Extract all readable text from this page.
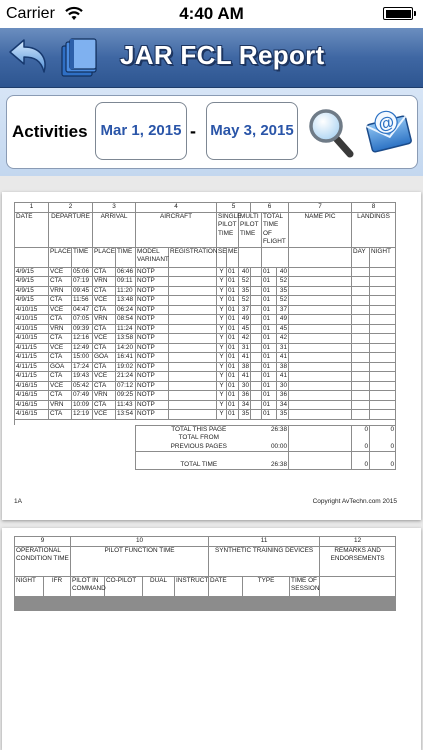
Carrier	4:40 AM
JAR FCL Report
Activities Mar 1, 2015 - May 3, 2015	@
1	2		3		4		5			6			7	8	
DATE	DEPARTURE		ARRIVAL		AIRCRAFT		SINGLE PILOT TIME		MULTI PILOT TIME		TOTAL TIME OF FLIGHT		NAME PIC	LANDINGS	
	PLACE	TIME	PLACE	TIME	MODEL VARINANT	REGISTRATION	SE	ME						DAY	NIGHT
4/9/15	VCE	05:06	CTA	06:46	NOTP		Y	01	40		01	40			
4/9/15	CTA	07:19	VRN	09:11	NOTP		Y	01	52		01	52			
4/9/15	VRN	09:45	CTA	11:20	NOTP		Y	01	35		01	35			
4/9/15	CTA	11:56	VCE	13:48	NOTP		Y	01	52		01	52			
4/10/15	VCE	04:47	CTA	06:24	NOTP		Y	01	37		01	37			
4/10/15	CTA	07:05	VRN	08:54	NOTP		Y	01	49		01	49			
4/10/15	VRN	09:39	CTA	11:24	NOTP		Y	01	45		01	45			
4/10/15	CTA	12:16	VCE	13:58	NOTP		Y	01	42		01	42			
4/11/15	VCE	12:49	CTA	14:20	NOTP		Y	01	31		01	31			
4/11/15	CTA	15:00	GOA	16:41	NOTP		Y	01	41		01	41			
4/11/15	GOA	17:24	CTA	19:02	NOTP		Y	01	38		01	38			
4/11/15	CTA	19:43	VCE	21:24	NOTP		Y	01	41		01	41			
4/16/15	VCE	05:42	CTA	07:12	NOTP		Y	01	30		01	30			
4/16/15	CTA	07:49	VRN	09:25	NOTP		Y	01	36		01	36			
4/16/15	VRN	10:09	CTA	11:43	NOTP		Y	01	34		01	34			
4/16/15	CTA	12:19	VCE	13:54	NOTP		Y	01	35		01	35			

					TOTAL THIS PAGE						26:38			0	0
					TOTAL FROM										
					PREVIOUS PAGES						00:00			0	0
					TOTAL TIME						26:38			0	0
1A	Copyright AvTechn.com 2015
9		10				11			12
OPERATIONAL CONDITION TIME		PILOT FUNCTION TIME				SYNTHETIC TRAINING DEVICES			REMARKS AND ENDORSEMENTS
NIGHT	IFR	PILOT IN COMMAND	CO-PILOT	DUAL	INSTRUCT	DATE	TYPE	TIME OF SESSION	
